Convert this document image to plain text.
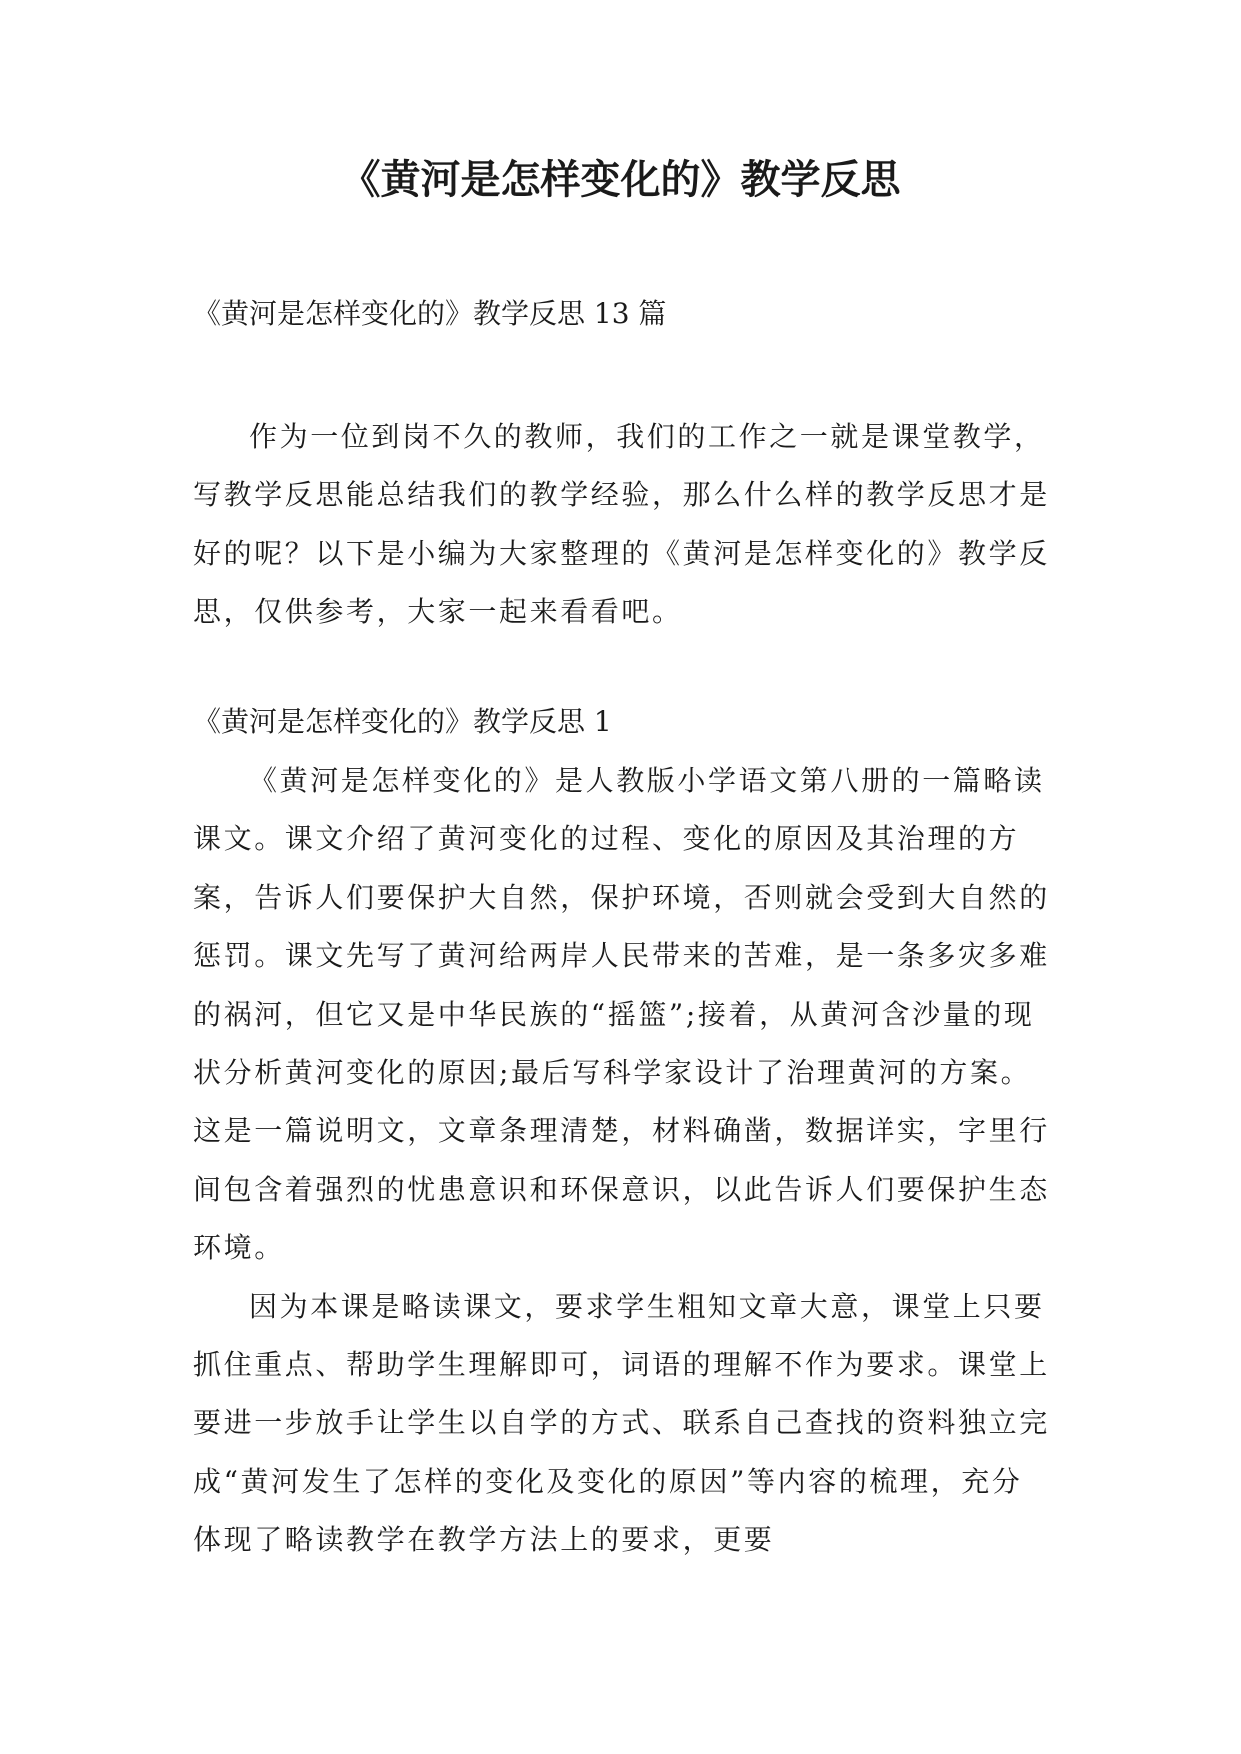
《黄河是怎样变化的》教学反思
《黄河是怎样变化的》教学反思 13 篇

作为一位到岗不久的教师，我们的工作之一就是课堂教学，写教学反思能总结我们的教学经验，那么什么样的教学反思才是好的呢？以下是小编为大家整理的《黄河是怎样变化的》教学反思，仅供参考，大家一起来看看吧。

《黄河是怎样变化的》教学反思 1

《黄河是怎样变化的》是人教版小学语文第八册的一篇略读课文。课文介绍了黄河变化的过程、变化的原因及其治理的方案，告诉人们要保护大自然，保护环境，否则就会受到大自然的惩罚。课文先写了黄河给两岸人民带来的苦难，是一条多灾多难的祸河，但它又是中华民族的“摇篮”;接着，从黄河含沙量的现状分析黄河变化的原因;最后写科学家设计了治理黄河的方案。这是一篇说明文，文章条理清楚，材料确凿，数据详实，字里行间包含着强烈的忧患意识和环保意识，以此告诉人们要保护生态环境。

因为本课是略读课文，要求学生粗知文章大意，课堂上只要抓住重点、帮助学生理解即可，词语的理解不作为要求。课堂上要进一步放手让学生以自学的方式、联系自己查找的资料独立完成“黄河发生了怎样的变化及变化的原因”等内容的梳理，充分体现了略读教学在教学方法上的要求，更要
